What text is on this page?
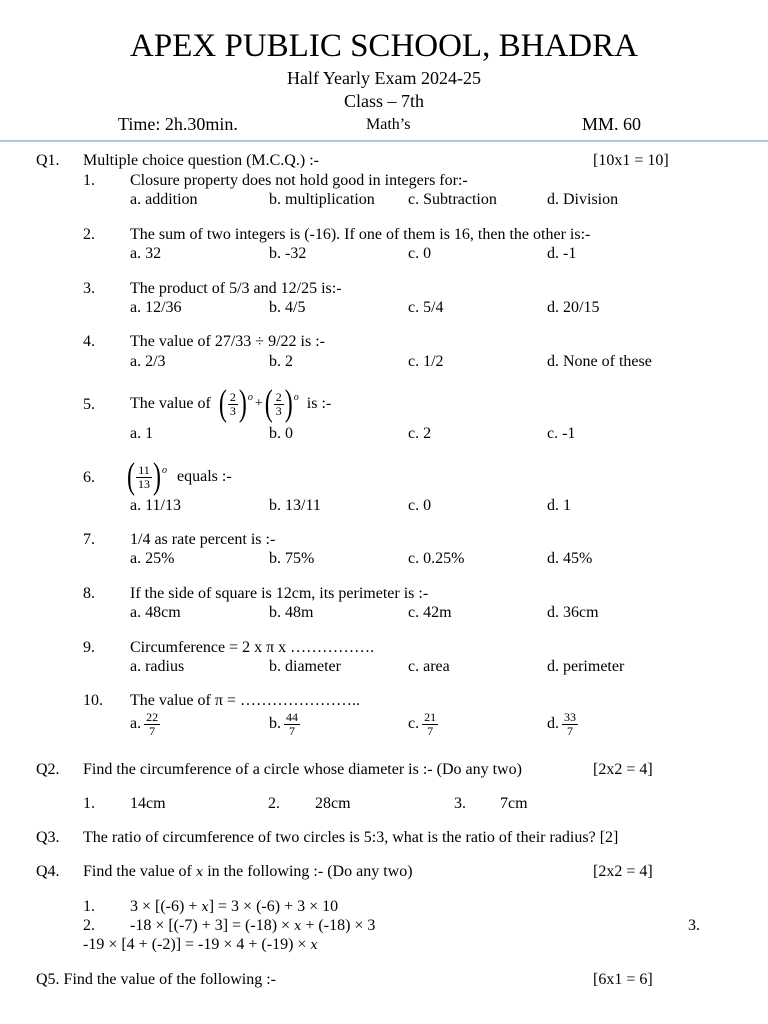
APEX PUBLIC SCHOOL, BHADRA
Half Yearly Exam 2024-25
Class – 7th
Time: 2h.30min.	Math’s	MM. 60
Q1. Multiple choice question (M.C.Q.) :-	[10x1 = 10]
1. Closure property does not hold good in integers for:-
a. addition	b. multiplication c. Subtraction	d. Division
2. The sum of two integers is (-16). If one of them is 16, then the other is:-
a. 32	b. -32	c. 0	d. -1
3. The product of 5/3 and 12/25 is:-
a. 12/36	b. 4/5	c. 5/4	d. 20/15
4. The value of 27/33 ÷ 9/22 is :-
a. 2/3	b. 2	c. 1/2	d. None of these
5. The value of ( $\frac{2}{3}$ ) o + ( $\frac{2}{3}$ ) o is :-
a. 1	b. 0	c. 2	c. -1
6. ( $\frac{11}{13}$ ) o equals :-
a. 11/13	b. 13/11	c. 0	d. 1
7. 1/4 as rate percent is :-
a. 25%	b. 75%	c. 0.25%	d. 45%
8. If the side of square is 12cm, its perimeter is :-
a. 48cm	b. 48m	c. 42m	d. 36cm
9. Circumference = 2 x π x …………….
a. radius	b. diameter	c. area	d. perimeter
10. The value of π = …………………..
a. $\frac{22}{7}$	b. $\frac{44}{7}$	c. $\frac{21}{7}$	d. $\frac{33}{7}$
Q2. Find the circumference of a circle whose diameter is :- (Do any two)	[2x2 = 4]
1. 14cm	2. 28cm	3. 7cm
Q3. The ratio of circumference of two circles is 5:3, what is the ratio of their radius? [2]
Q4. Find the value of x in the following :- (Do any two)	[2x2 = 4]
1. 3 × [(-6) + x] = 3 × (-6) + 3 × 10
2. -18 × [(-7) + 3] = (-18) × x + (-18) × 3	3.
-19 × [4 + (-2)] = -19 × 4 + (-19) × x
Q5. Find the value of the following :-	[6x1 = 6]
